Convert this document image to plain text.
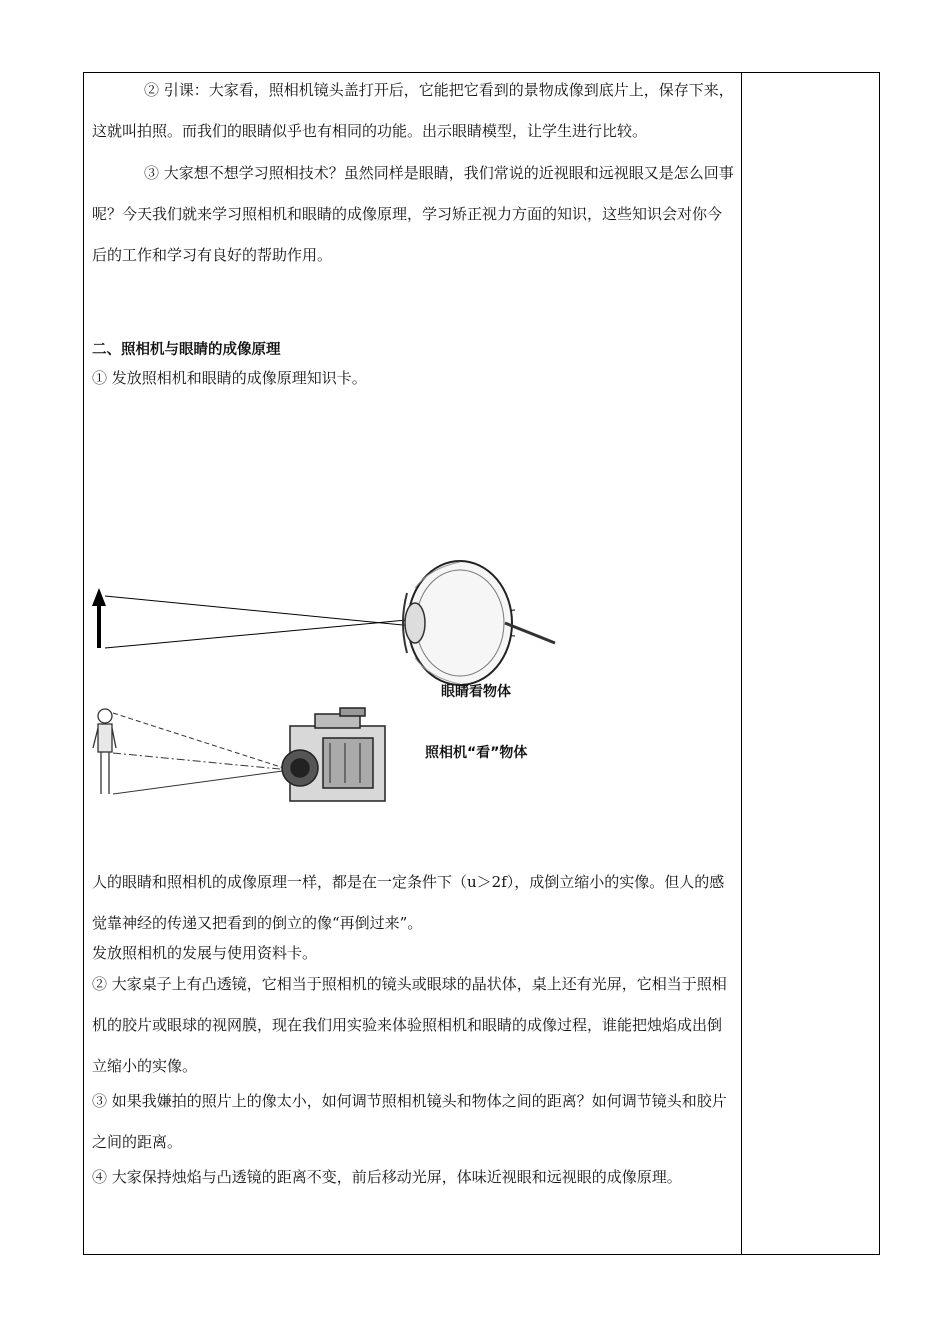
② 引课：大家看，照相机镜头盖打开后，它能把它看到的景物成像到底片上，保存下来，这就叫拍照。而我们的眼睛似乎也有相同的功能。出示眼睛模型，让学生进行比较。

③ 大家想不想学习照相技术？虽然同样是眼睛，我们常说的近视眼和远视眼又是怎么回事呢？今天我们就来学习照相机和眼睛的成像原理，学习矫正视力方面的知识，这些知识会对你今后的工作和学习有良好的帮助作用。

二、照相机与眼睛的成像原理

① 发放照相机和眼睛的成像原理知识卡。

眼睛看物体
照相机“看”物体

人的眼睛和照相机的成像原理一样，都是在一定条件下（u＞2f），成倒立缩小的实像。但人的感觉靠神经的传递又把看到的倒立的像“再倒过来”。

发放照相机的发展与使用资料卡。

② 大家桌子上有凸透镜，它相当于照相机的镜头或眼球的晶状体，桌上还有光屏，它相当于照相机的胶片或眼球的视网膜，现在我们用实验来体验照相机和眼睛的成像过程，谁能把烛焰成出倒立缩小的实像。

③ 如果我嫌拍的照片上的像太小，如何调节照相机镜头和物体之间的距离？如何调节镜头和胶片之间的距离。

④ 大家保持烛焰与凸透镜的距离不变，前后移动光屏，体味近视眼和远视眼的成像原理。
